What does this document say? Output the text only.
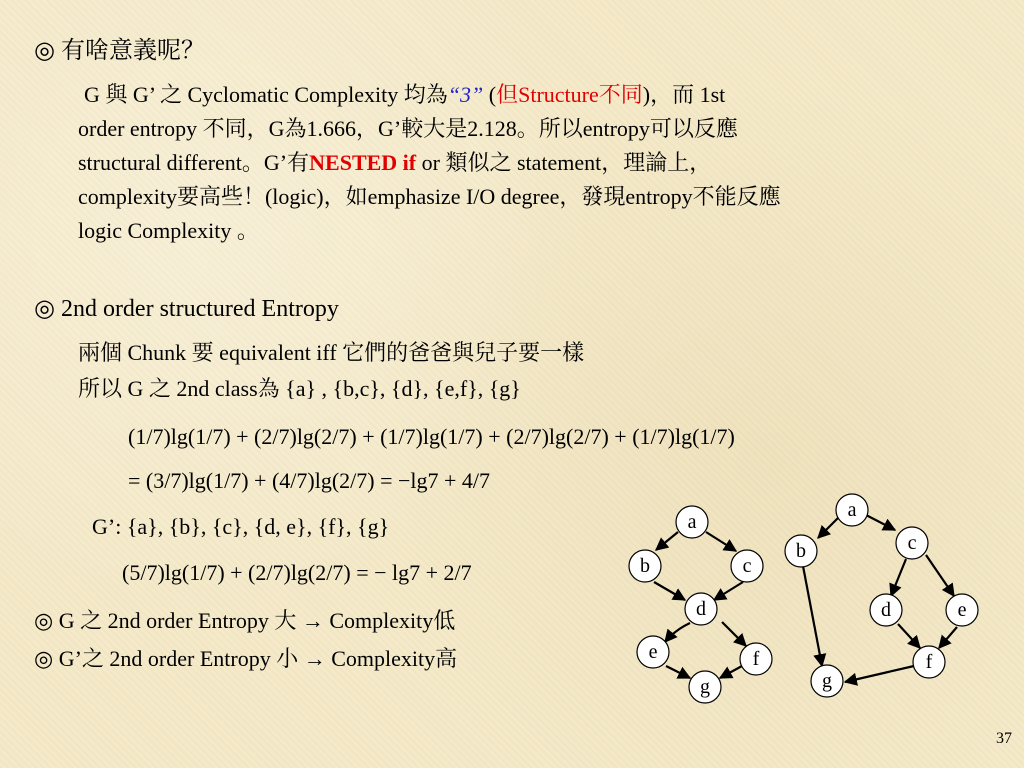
◎ 有啥意義呢？
G 與 G’ 之 Cyclomatic Complexity 均為“3” (但Structure不同)，而 1st
order entropy 不同，G為1.666，G’較大是2.128。所以entropy可以反應
structural different。G’有NESTED if or 類似之 statement，理論上，
complexity要高些！(logic)，如emphasize I/O degree，發現entropy不能反應
logic Complexity 。
◎ 2nd order structured Entropy
兩個 Chunk 要 equivalent iff 它們的爸爸與兒子要一樣
所以 G 之 2nd class為 {a} , {b,c}, {d}, {e,f}, {g}
(1/7)lg(1/7) + (2/7)lg(2/7) + (1/7)lg(1/7) + (2/7)lg(2/7) + (1/7)lg(1/7)
= (3/7)lg(1/7) + (4/7)lg(2/7) = −lg7 + 4/7
G’: {a}, {b}, {c}, {d, e}, {f}, {g}
(5/7)lg(1/7) + (2/7)lg(2/7) = − lg7 + 2/7
◎ G 之 2nd order Entropy 大 → Complexity低
◎ G’之 2nd order Entropy 小 → Complexity高
a
b	c
d
e	f
g
a
b	c
d	e
f
g
37
